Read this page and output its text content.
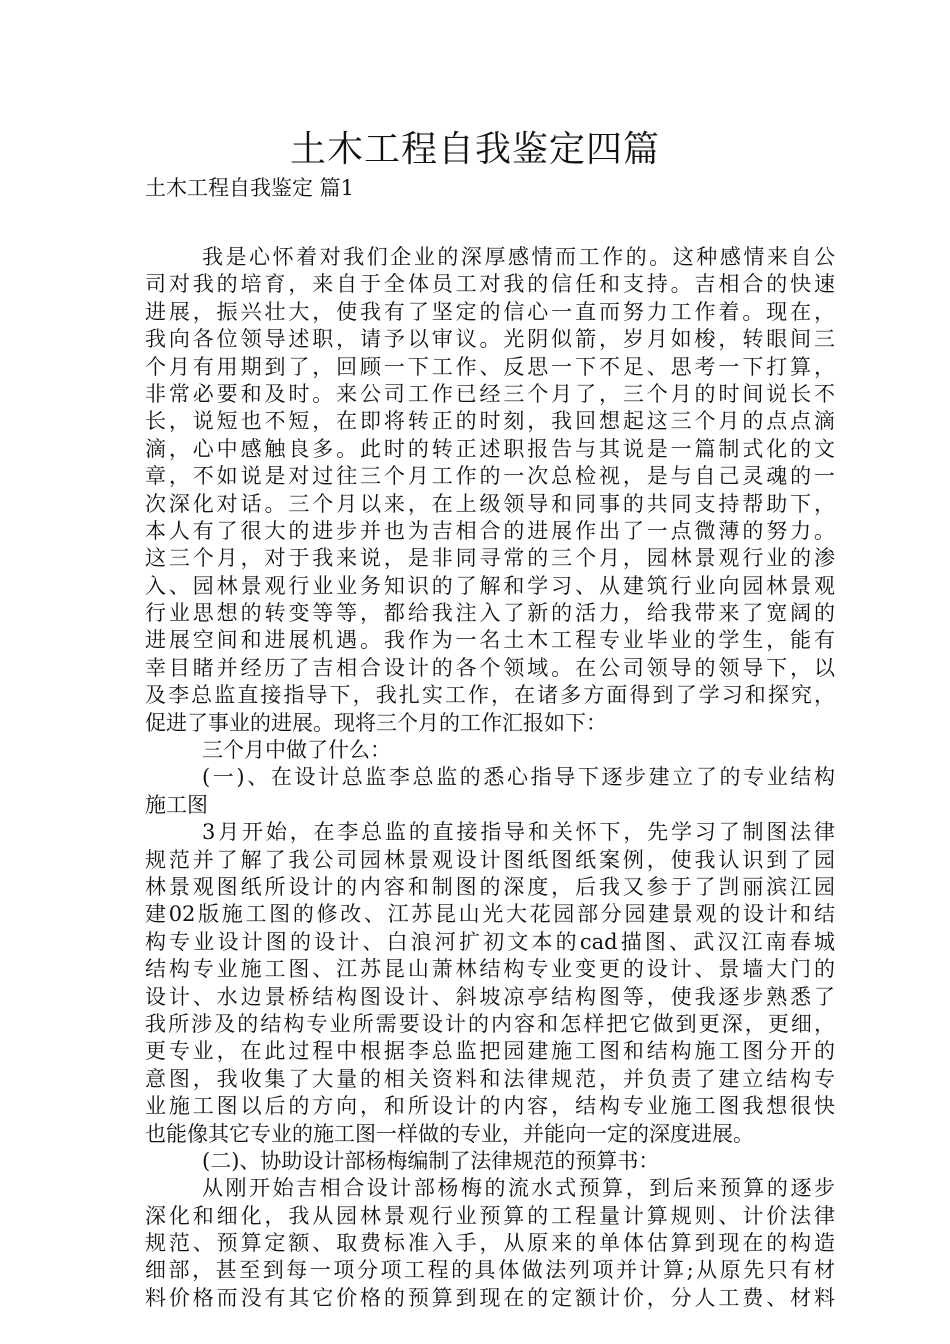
土木工程自我鉴定四篇
土木工程自我鉴定 篇1
我是心怀着对我们企业的深厚感情而工作的。这种感情来自公
司对我的培育，来自于全体员工对我的信任和支持。吉相合的快速
进展，振兴壮大，使我有了坚定的信心一直而努力工作着。现在，
我向各位领导述职，请予以审议。光阴似箭，岁月如梭，转眼间三
个月有用期到了，回顾一下工作、反思一下不足、思考一下打算，
非常必要和及时。来公司工作已经三个月了，三个月的时间说长不
长，说短也不短，在即将转正的时刻，我回想起这三个月的点点滴
滴，心中感触良多。此时的转正述职报告与其说是一篇制式化的文
章，不如说是对过往三个月工作的一次总检视，是与自己灵魂的一
次深化对话。三个月以来，在上级领导和同事的共同支持帮助下，
本人有了很大的进步并也为吉相合的进展作出了一点微薄的努力。
这三个月，对于我来说，是非同寻常的三个月，园林景观行业的渗
入、园林景观行业业务知识的了解和学习、从建筑行业向园林景观
行业思想的转变等等，都给我注入了新的活力，给我带来了宽阔的
进展空间和进展机遇。我作为一名土木工程专业毕业的学生，能有
幸目睹并经历了吉相合设计的各个领域。在公司领导的领导下，以
及李总监直接指导下，我扎实工作，在诸多方面得到了学习和探究，
促进了事业的进展。现将三个月的工作汇报如下：
三个月中做了什么：
(一)、在设计总监李总监的悉心指导下逐步建立了的专业结构
施工图
3月开始，在李总监的直接指导和关怀下，先学习了制图法律
规范并了解了我公司园林景观设计图纸图纸案例，使我认识到了园
林景观图纸所设计的内容和制图的深度，后我又参于了剀丽滨江园
建02版施工图的修改、江苏昆山光大花园部分园建景观的设计和结
构专业设计图的设计、白浪河扩初文本的cad描图、武汉江南春城
结构专业施工图、江苏昆山萧林结构专业变更的设计、景墙大门的
设计、水边景桥结构图设计、斜坡凉亭结构图等，使我逐步熟悉了
我所涉及的结构专业所需要设计的内容和怎样把它做到更深，更细，
更专业，在此过程中根据李总监把园建施工图和结构施工图分开的
意图，我收集了大量的相关资料和法律规范，并负责了建立结构专
业施工图以后的方向，和所设计的内容，结构专业施工图我想很快
也能像其它专业的施工图一样做的专业，并能向一定的深度进展。
(二)、协助设计部杨梅编制了法律规范的预算书：
从刚开始吉相合设计部杨梅的流水式预算，到后来预算的逐步
深化和细化，我从园林景观行业预算的工程量计算规则、计价法律
规范、预算定额、取费标准入手，从原来的单体估算到现在的构造
细部，甚至到每一项分项工程的具体做法列项并计算;从原先只有材
料价格而没有其它价格的预算到现在的定额计价，分人工费、材料
